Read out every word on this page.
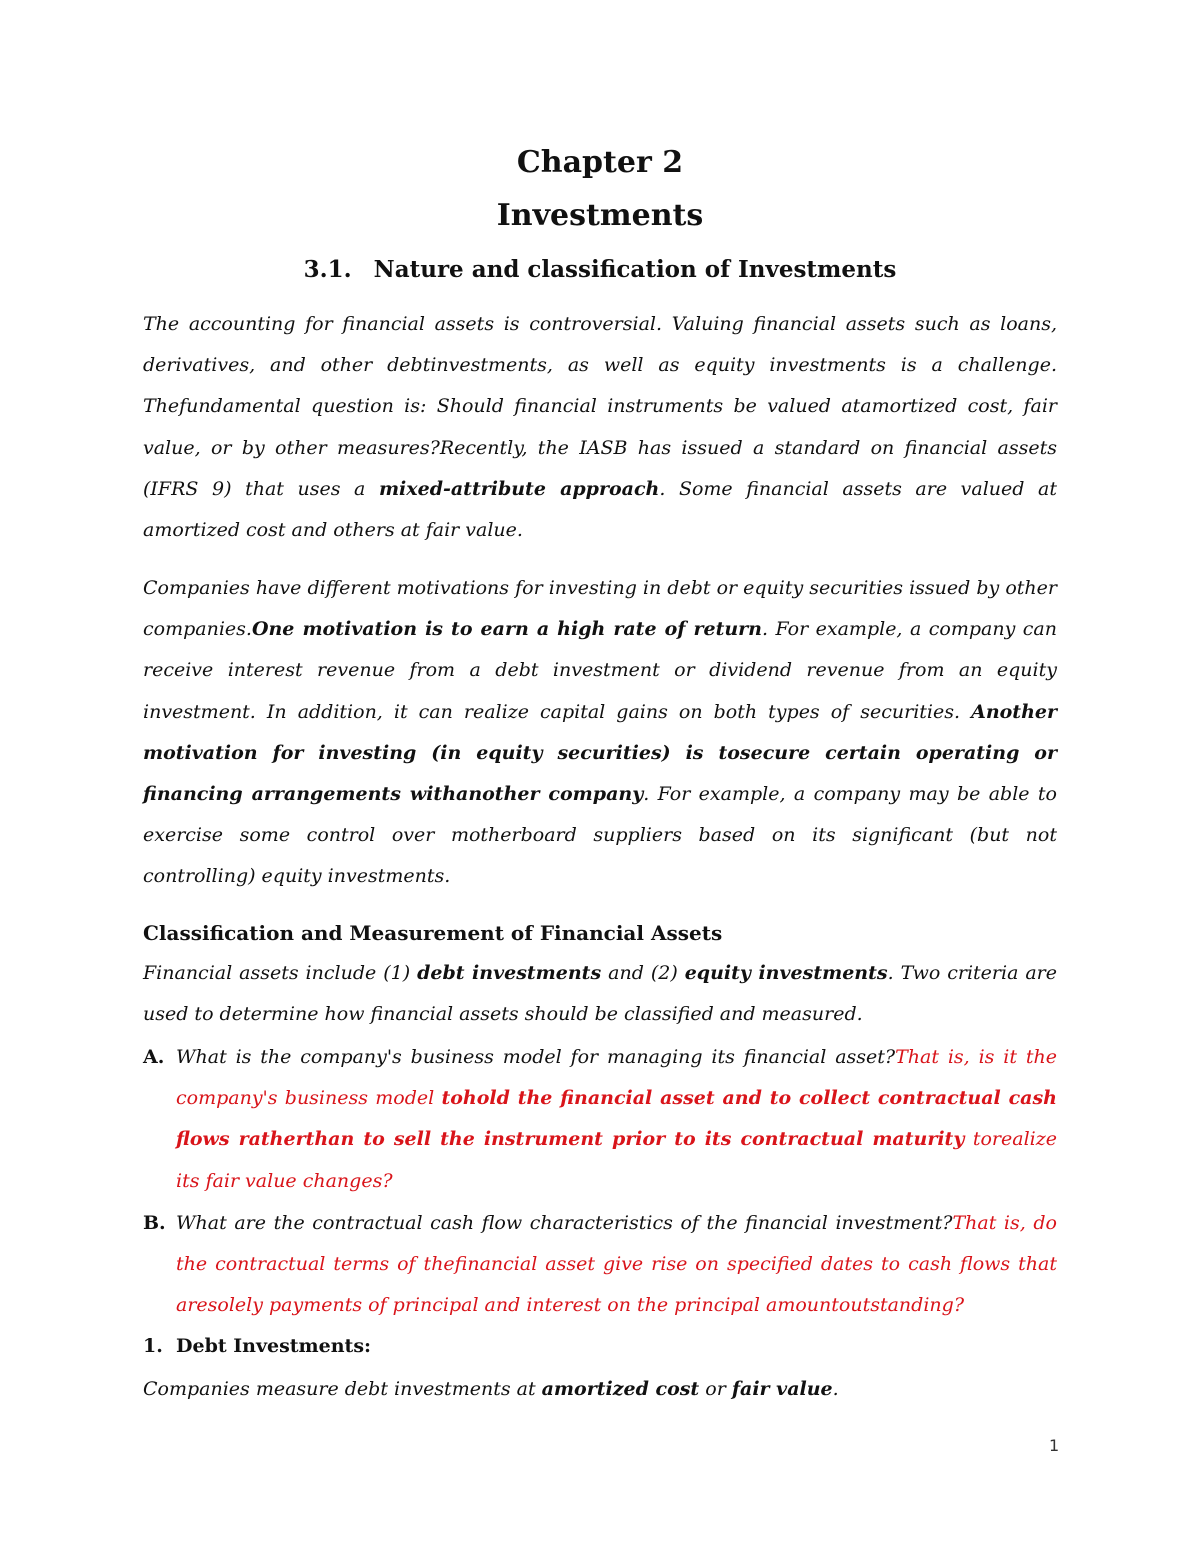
Chapter 2
Investments
3.1. Nature and classification of Investments
The accounting for financial assets is controversial. Valuing financial assets such as loans, derivatives, and other debtinvestments, as well as equity investments is a challenge. Thefundamental question is: Should financial instruments be valued atamortized cost, fair value, or by other measures?Recently, the IASB has issued a standard on financial assets (IFRS 9) that uses a mixed-attribute approach. Some financial assets are valued at amortized cost and others at fair value.
Companies have different motivations for investing in debt or equity securities issued by other companies.One motivation is to earn a high rate of return. For example, a company can receive interest revenue from a debt investment or dividend revenue from an equity investment. In addition, it can realize capital gains on both types of securities. Another motivation for investing (in equity securities) is tosecure certain operating or financing arrangements withanother company. For example, a company may be able to exercise some control over motherboard suppliers based on its significant (but not controlling) equity investments.
Classification and Measurement of Financial Assets
Financial assets include (1) debt investments and (2) equity investments. Two criteria are used to determine how financial assets should be classified and measured.
A. What is the company's business model for managing its financial asset?That is, is it the company's business model tohold the financial asset and to collect contractual cash flows ratherthan to sell the instrument prior to its contractual maturity torealize its fair value changes?
B. What are the contractual cash flow characteristics of the financial investment?That is, do the contractual terms of thefinancial asset give rise on specified dates to cash flows that aresolely payments of principal and interest on the principal amountoutstanding?
1. Debt Investments:
Companies measure debt investments at amortized cost or fair value.
1
